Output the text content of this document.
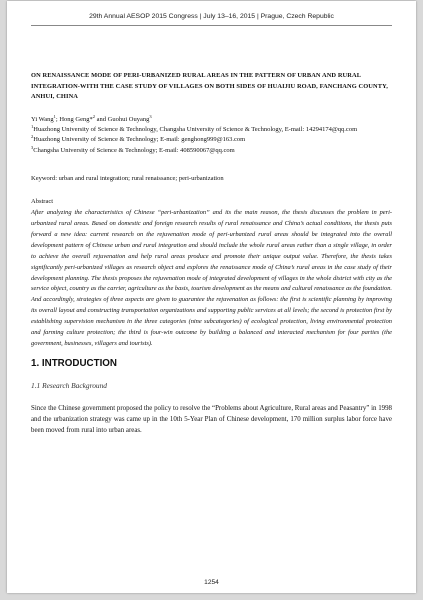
29th Annual AESOP 2015 Congress | July 13–16, 2015 | Prague, Czech Republic

ON RENAISSANCE MODE OF PERI-URBANIZED RURAL AREAS IN THE PATTERN OF URBAN AND RURAL INTEGRATION-WITH THE CASE STUDY OF VILLAGES ON BOTH SIDES OF HUAIJIU ROAD, FANCHANG COUNTY, ANHUI, CHINA

Yi Wang$^1$; Hong Geng*$^2$ and Guohui Ouyang$^3$

$^1$Huazhong University of Science & Technology, Changsha University of Science & Technology, E-mail: 14294174@qq.com

$^2$Huazhong University of Science & Technology; E-mail: genghong999@163.com

$^3$Changsha University of Science & Technology; E-mail: 408590067@qq.com

Keyword: urban and rural integration; rural renaissance; peri-urbanization

Abstract

After analyzing the characteristics of Chinese “peri-urbanization” and its the main reason, the thesis discusses the problem in peri-urbanized rural areas. Based on domestic and foreign research results of rural renaissance and China’s actual conditions, the thesis puts forward a new idea: current research on the rejuvenation mode of peri-urbanized rural areas should be integrated into the overall development pattern of Chinese urban and rural integration and should include the whole rural areas rather than a single village, in order to achieve the overall rejuvenation and help rural areas produce and promote their unique output value. Therefore, the thesis takes significantly peri-urbanized villages as research object and explores the renaissance mode of China’s rural areas in the case study of their development planning. The thesis proposes the rejuvenation mode of integrated development of villages in the whole district with city as the service object, country as the carrier, agriculture as the basis, tourism development as the means and cultural renaissance as the foundation. And accordingly, strategies of three aspects are given to guarantee the rejuvenation as follows: the first is scientific planning by improving its overall layout and constructing transportation organizations and supporting public services at all levels; the second is protection first by establishing supervision mechanism in the three categories (nine subcategories) of ecological protection, living environmental protection and farming culture protection; the third is four-win outcome by building a balanced and interacted mechanism for four parties (the government, businesses, villagers and tourists).

1. INTRODUCTION
1.1 Research Background

Since the Chinese government proposed the policy to resolve the “Problems about Agriculture, Rural areas and Peasantry” in 1998 and the urbanization strategy was came up in the 10th 5-Year Plan of Chinese development, 170 million surplus labor force have been moved from rural into urban areas.

1254
